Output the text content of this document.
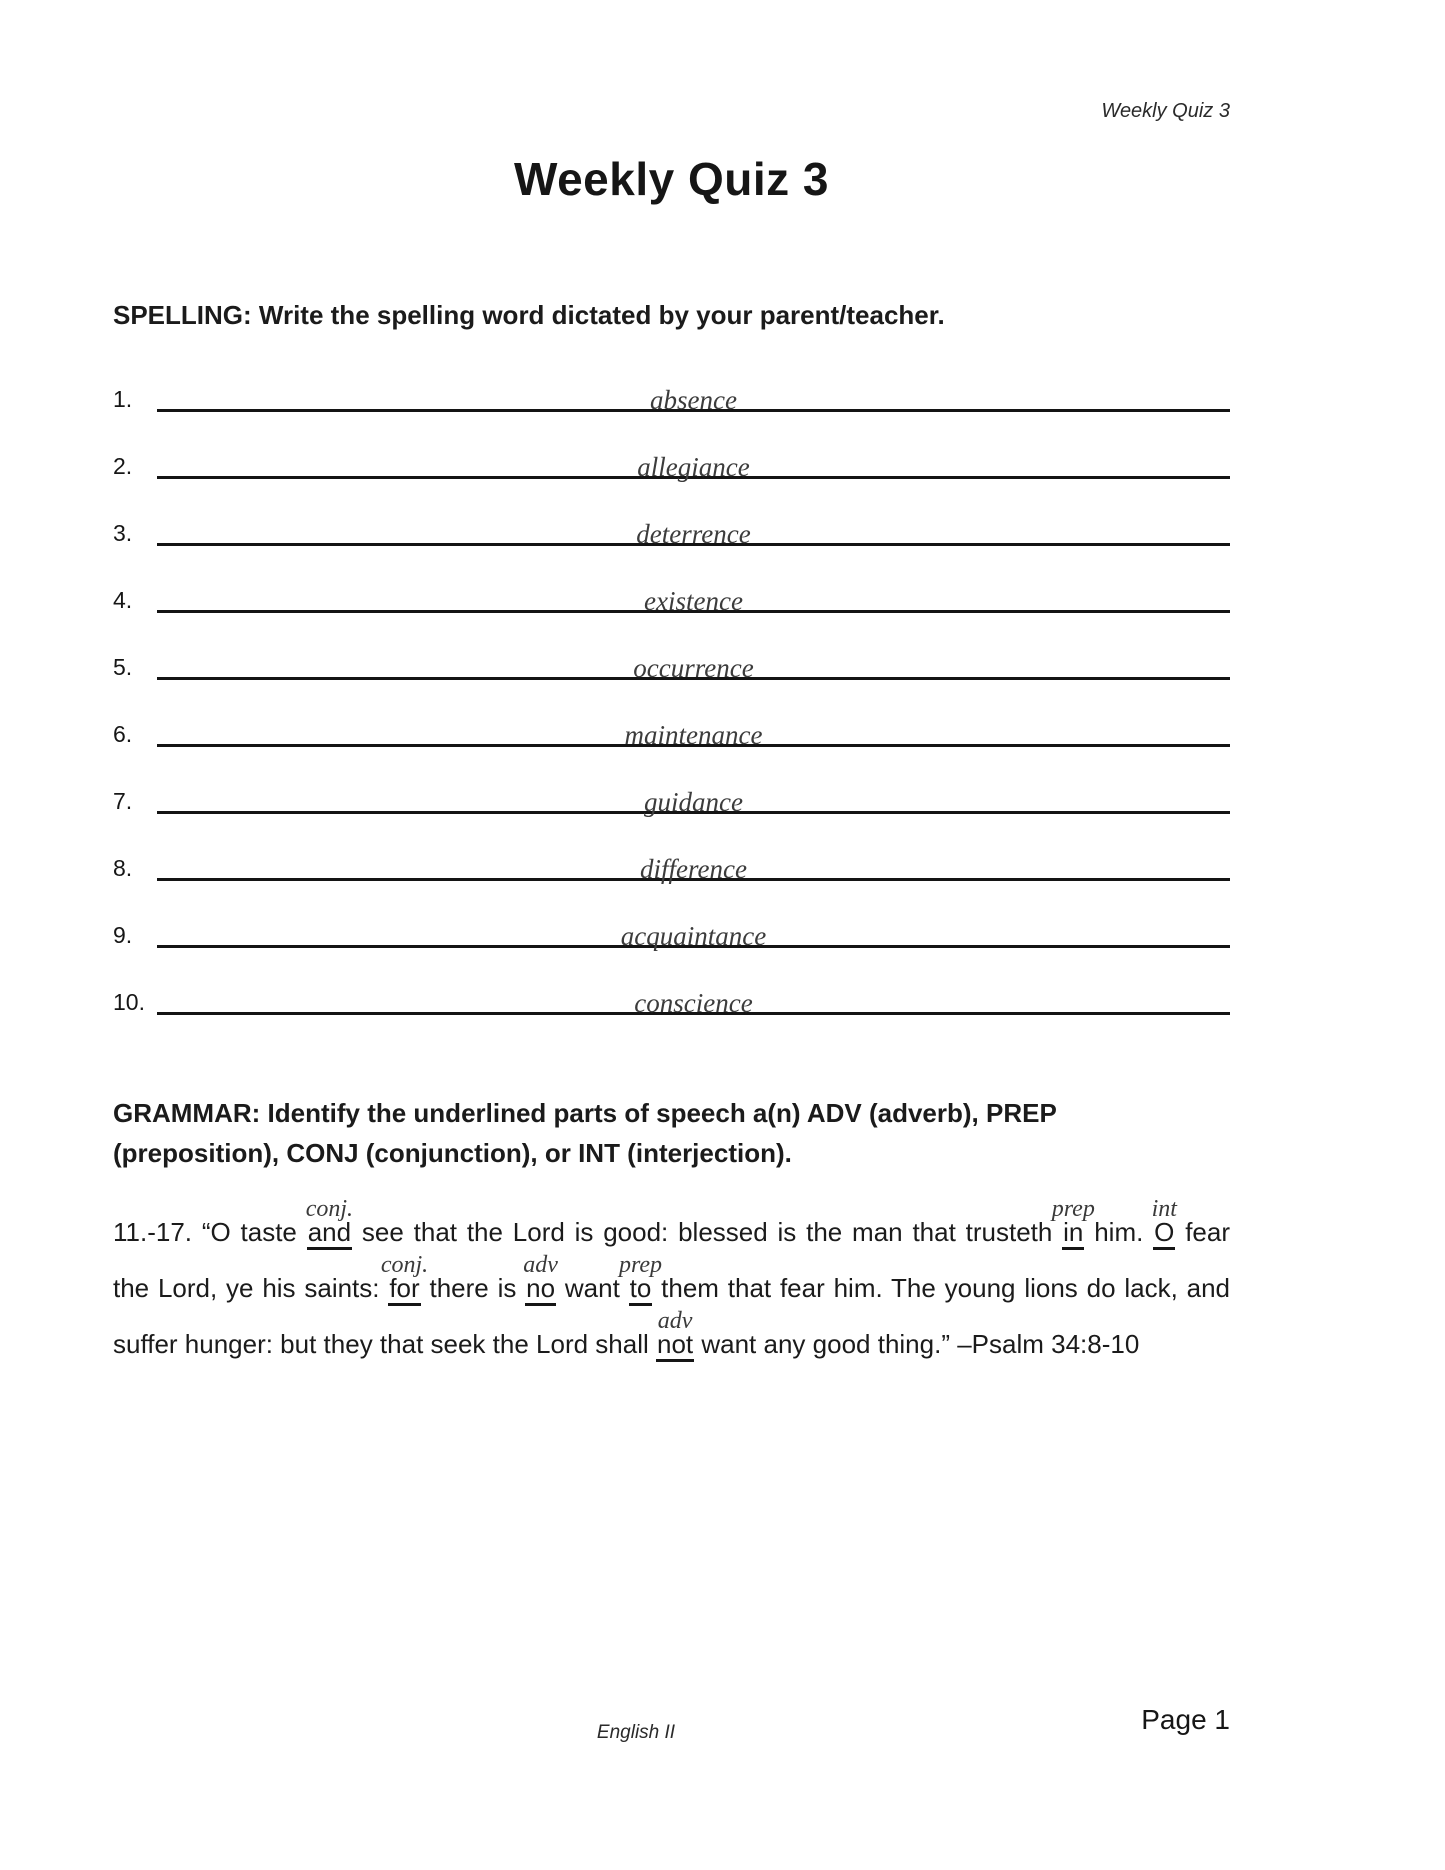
Weekly Quiz 3
Weekly Quiz 3
SPELLING: Write the spelling word dictated by your parent/teacher.
1.	absence
2.	allegiance
3.	deterrence
4.	existence
5.	occurrence
6.	maintenance
7.	guidance
8.	difference
9.	acquaintance
10.	conscience
GRAMMAR: Identify the underlined parts of speech a(n) ADV (adverb), PREP
(preposition), CONJ (conjunction), or INT (interjection).

11.-17. “O taste
conj.
and see that the Lord is good: blessed is the man that trusteth
prep
in him.
int
O fear

the Lord, ye his saints:
conj.
for there is
adv
no want
prep
to them that fear him. The young lions do lack, and

suffer hunger: but they that seek the Lord shall
adv
not want any good thing.” –Psalm 34:8-10

English II	Page 1
